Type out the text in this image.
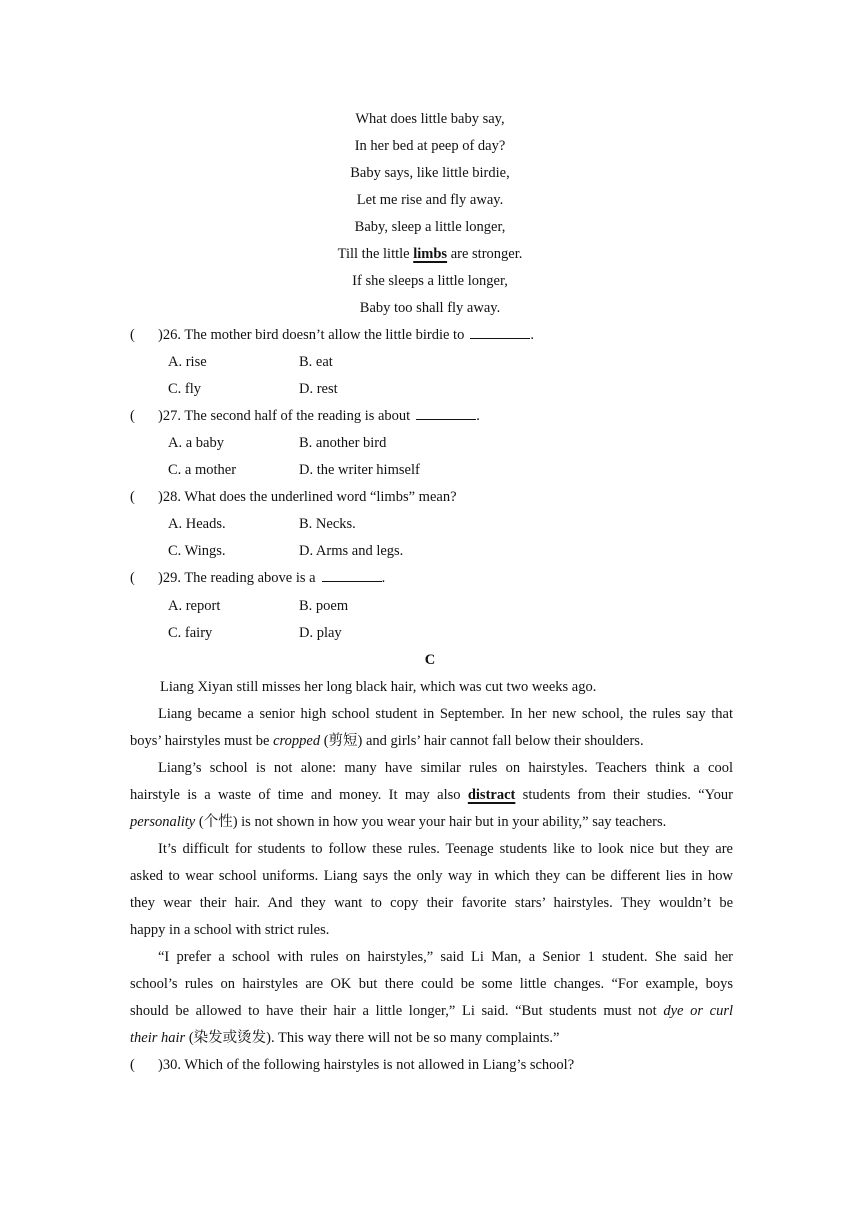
What does little baby say,
In her bed at peep of day?
Baby says, like little birdie,
Let me rise and fly away.
Baby, sleep a little longer,
Till the little limbs are stronger.
If she sleeps a little longer,
Baby too shall fly away.
( )26. The mother bird doesn’t allow the little birdie to	.
A. rise	B. eat
C. fly	D. rest
( )27. The second half of the reading is about	.
A. a baby	B. another bird
C. a mother	D. the writer himself
( )28. What does the underlined word “limbs” mean?
A. Heads.	B. Necks.
C. Wings.	D. Arms and legs.
( )29. The reading above is a	.
A. report	B. poem
C. fairy	D. play
C
Liang Xiyan still misses her long black hair, which was cut two weeks ago.
Liang became a senior high school student in September. In her new school, the rules say that
boys’ hairstyles must be cropped (剪短) and girls’ hair cannot fall below their shoulders.
Liang’s school is not alone: many have similar rules on hairstyles. Teachers think a cool
hairstyle is a waste of time and money. It may also distract students from their studies. “Your
personality (个性) is not shown in how you wear your hair but in your ability,” say teachers.
It’s difficult for students to follow these rules. Teenage students like to look nice but they are
asked to wear school uniforms. Liang says the only way in which they can be different lies in how
they wear their hair. And they want to copy their favorite stars’ hairstyles. They wouldn’t be
happy in a school with strict rules.
“I prefer a school with rules on hairstyles,” said Li Man, a Senior 1 student. She said her
school’s rules on hairstyles are OK but there could be some little changes. “For example, boys
should be allowed to have their hair a little longer,” Li said. “But students must not dye or curl
their hair (染发或烫发). This way there will not be so many complaints.”
( )30. Which of the following hairstyles is not allowed in Liang’s school?
